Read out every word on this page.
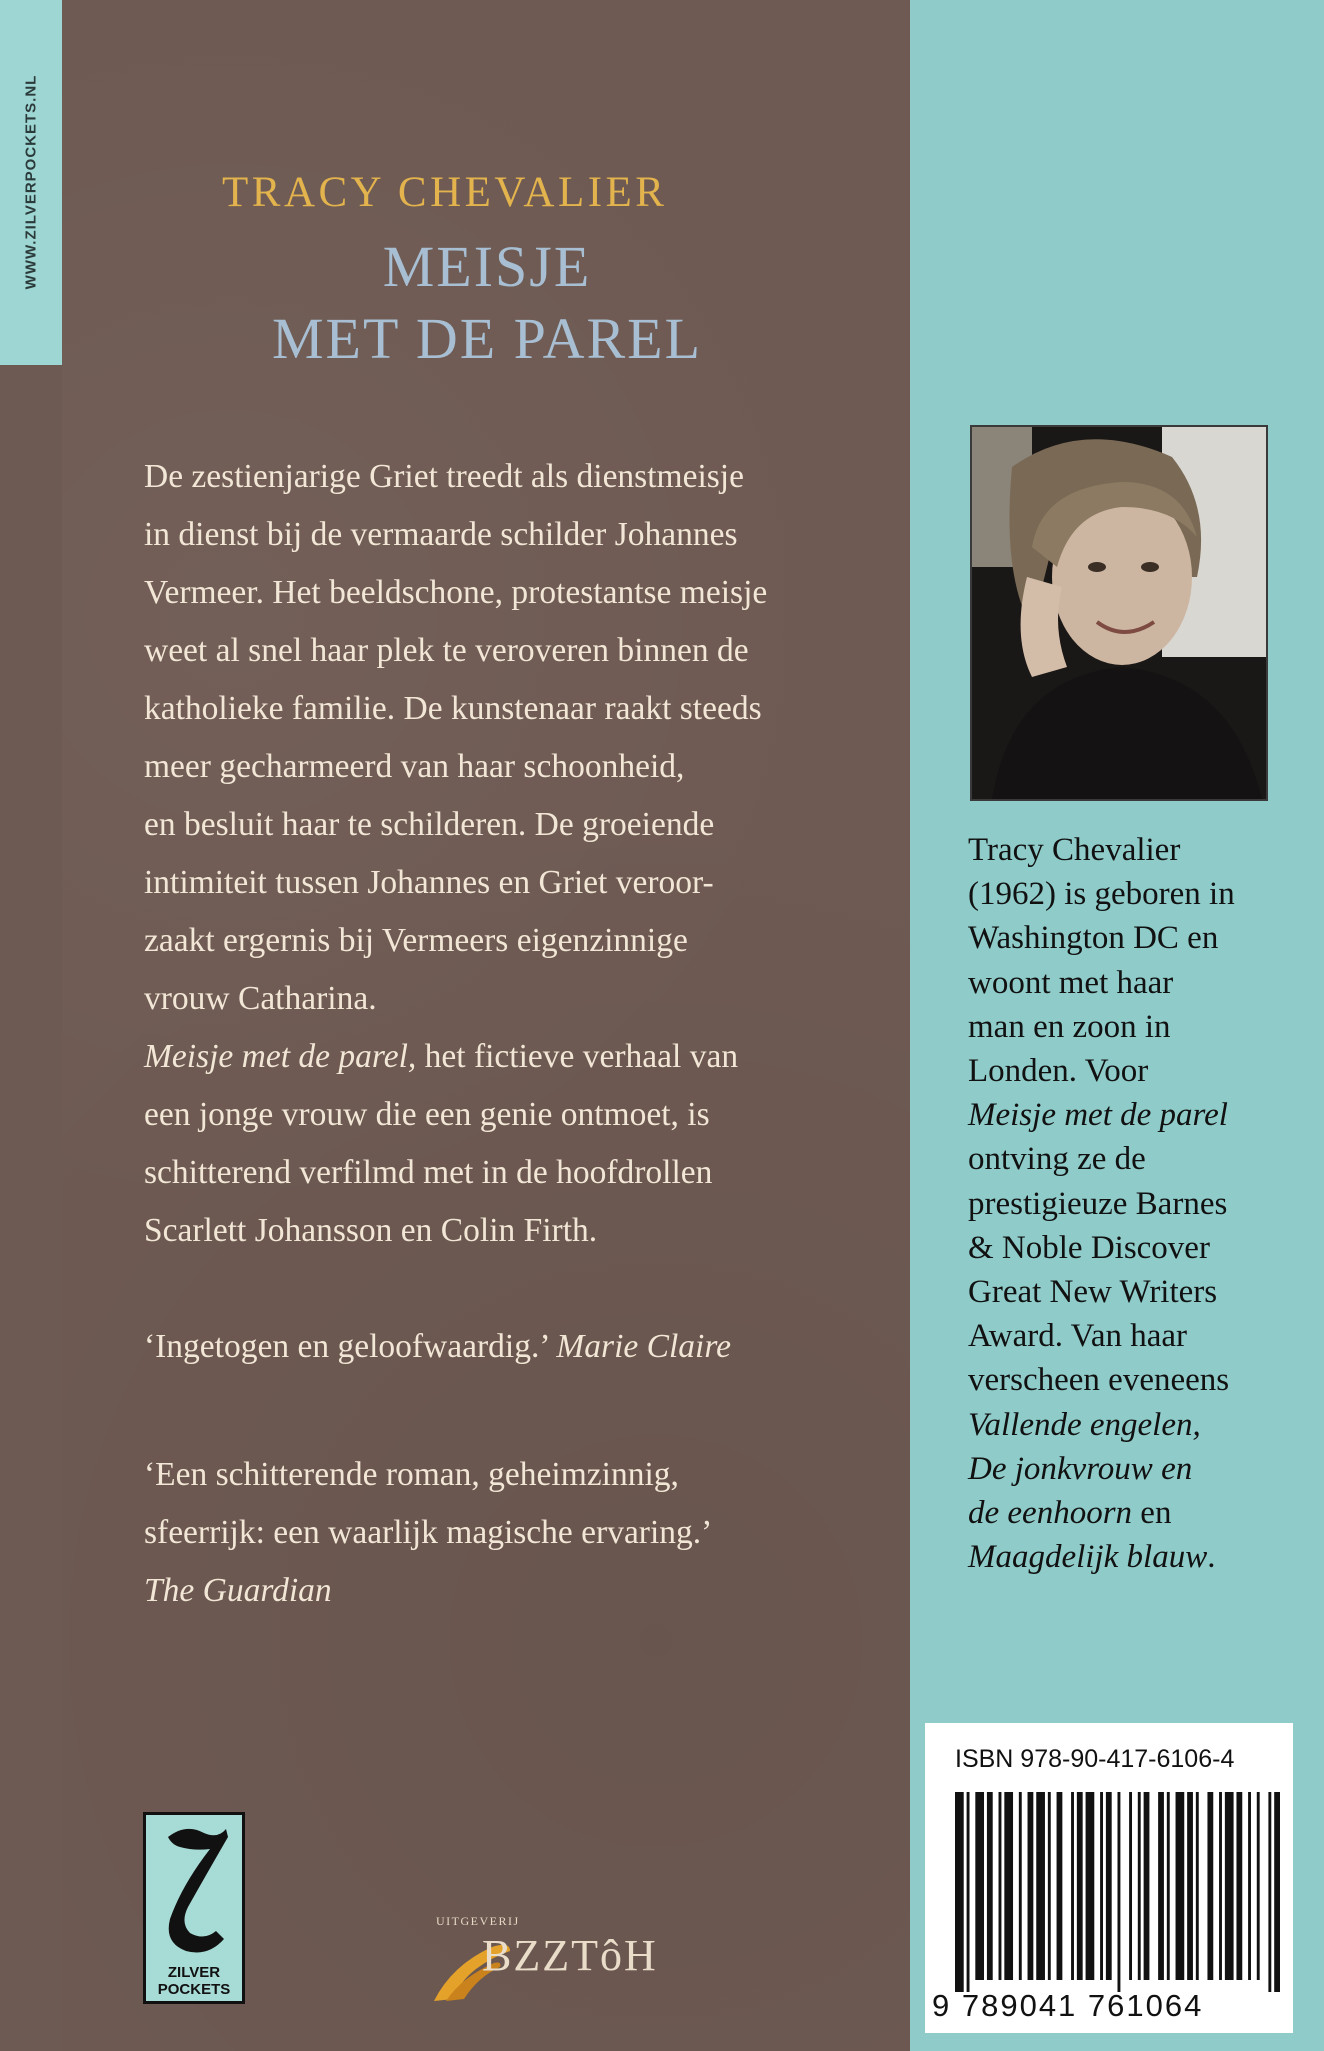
WWW.ZILVERPOCKETS.NL	TRACY CHEVALIER
MEISJE
MET DE PAREL
De zestienjarige Griet treedt als dienstmeisje
in dienst bij de vermaarde schilder Johannes
Vermeer. Het beeldschone, protestantse meisje
weet al snel haar plek te veroveren binnen de
katholieke familie. De kunstenaar raakt steeds
meer gecharmeerd van haar schoonheid,
en besluit haar te schilderen. De groeiende
intimiteit tussen Johannes en Griet veroor-
zaakt ergernis bij Vermeers eigenzinnige
vrouw Catharina.
Meisje met de parel, het fictieve verhaal van
een jonge vrouw die een genie ontmoet, is
schitterend verfilmd met in de hoofdrollen
Scarlett Johansson en Colin Firth.
‘Ingetogen en geloofwaardig.’ Marie Claire
‘Een schitterende roman, geheimzinnig,
sfeerrijk: een waarlijk magische ervaring.’
The Guardian
Tracy Chevalier
(1962) is geboren in
Washington DC en
woont met haar
man en zoon in
Londen. Voor
Meisje met de parel
ontving ze de
prestigieuze Barnes
& Noble Discover
Great New Writers
Award. Van haar
verscheen eveneens
Vallende engelen,
De jonkvrouw en
de eenhoorn en
Maagdelijk blauw.
ISBN 978-90-417-6106-4
9 789041 761064
ZILVER
POCKETS
UITGEVERIJ
BZZTôH
